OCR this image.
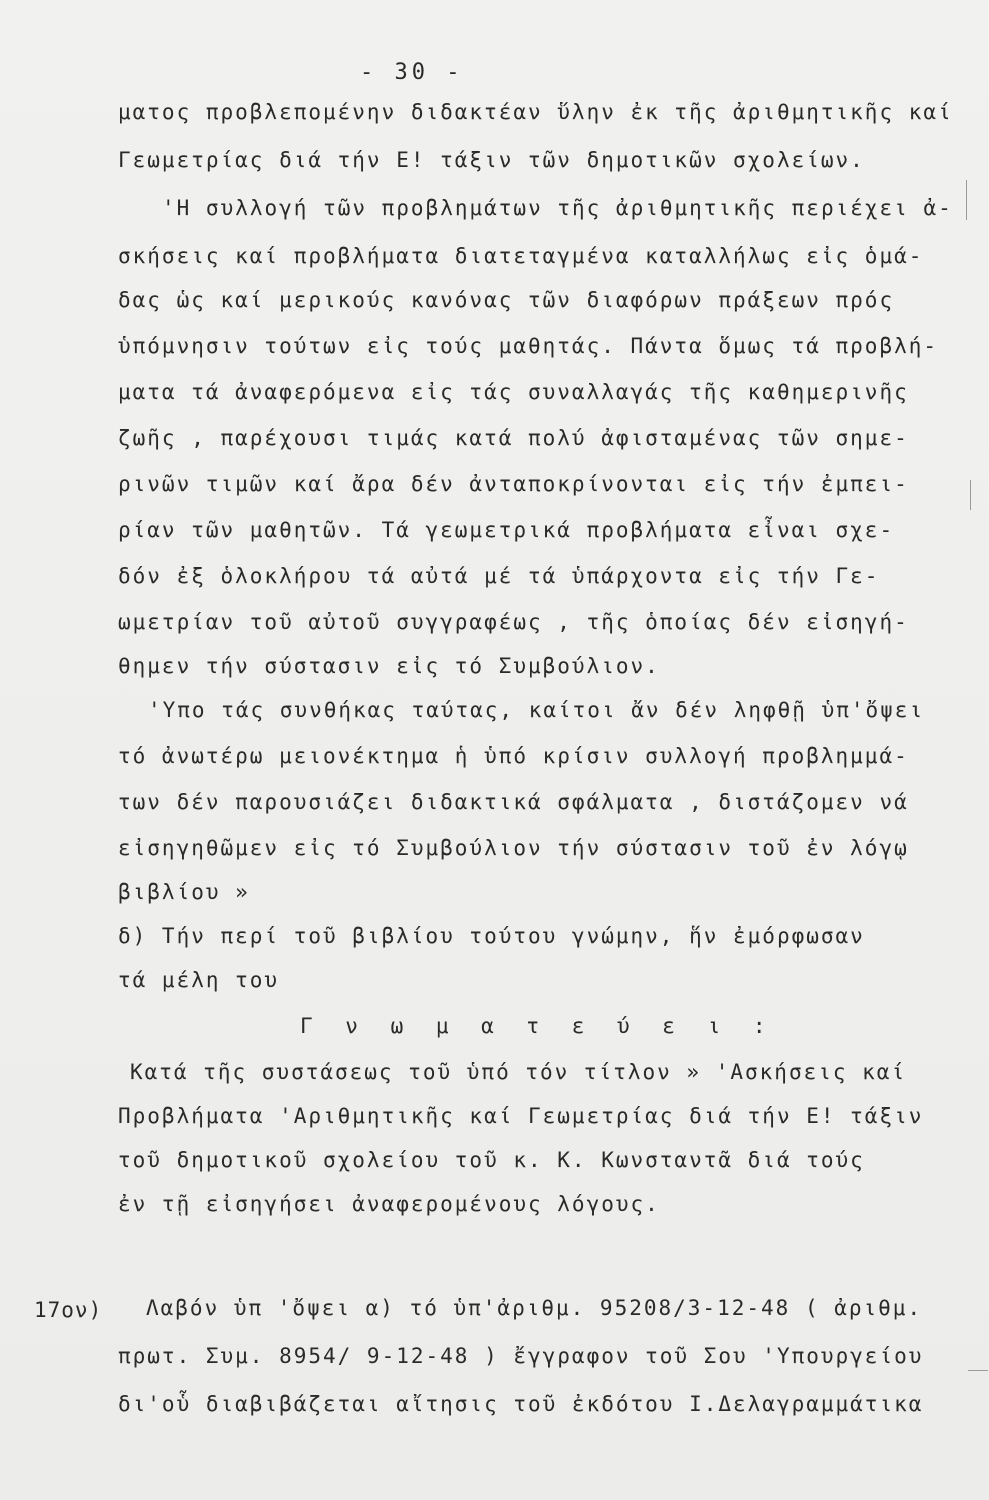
- 30 -
ματος προβλεπομένην διδακτέαν ὕλην ἐκ τῆς ἀριθμητικῆς καί
Γεωμετρίας διά τήν Ε! τάξιν τῶν δημοτικῶν σχολείων.
'Η συλλογή τῶν προβλημάτων τῆς ἀριθμητικῆς περιέχει ἀ-
σκήσεις καί προβλήματα διατεταγμένα καταλλήλως εἰς ὁμά-
δας ὡς καί μερικούς κανόνας τῶν διαφόρων πράξεων πρός
ὑπόμνησιν τούτων εἰς τούς μαθητάς. Πάντα ὅμως τά προβλή-
ματα τά ἀναφερόμενα εἰς τάς συναλλαγάς τῆς καθημερινῆς
ζωῆς , παρέχουσι τιμάς κατά πολύ ἀφισταμένας τῶν σημε-
ρινῶν τιμῶν καί ἄρα δέν ἀνταποκρίνονται εἰς τήν ἐμπει-
ρίαν τῶν μαθητῶν. Τά γεωμετρικά προβλήματα εἶναι σχε-
δόν ἐξ ὁλοκλήρου τά αὐτά μέ τά ὑπάρχοντα εἰς τήν Γε-
ωμετρίαν τοῦ αὐτοῦ συγγραφέως , τῆς ὁποίας δέν εἰσηγή-
θημεν τήν σύστασιν εἰς τό Συμβούλιον.
'Υπο τάς συνθήκας ταύτας, καίτοι ἄν δέν ληφθῇ ὑπ'ὄψει
τό ἀνωτέρω μειονέκτημα ἡ ὑπό κρίσιν συλλογή προβλημμά-
των δέν παρουσιάζει διδακτικά σφάλματα , διστάζομεν νά
εἰσηγηθῶμεν εἰς τό Συμβούλιον τήν σύστασιν τοῦ ἐν λόγῳ
βιβλίου »
δ) Τήν περί τοῦ βιβλίου τούτου γνώμην, ἥν ἐμόρφωσαν
τά μέλη του
Γ ν ω μ α τ ε ύ ε ι :
Κατά τῆς συστάσεως τοῦ ὑπό τόν τίτλον » 'Ασκήσεις καί
Προβλήματα 'Αριθμητικῆς καί Γεωμετρίας διά τήν Ε! τάξιν
τοῦ δημοτικοῦ σχολείου τοῦ κ. Κ. Κωνσταντᾶ διά τούς
ἐν τῇ εἰσηγήσει ἀναφερομένους λόγους.
17ον) Λαβόν ὑπ 'ὄψει α) τό ὑπ'ἀριθμ. 95208/3-12-48 ( ἀριθμ.
πρωτ. Συμ. 8954/ 9-12-48 ) ἔγγραφον τοῦ Σου 'Υπουργείου
δι'οὗ διαβιβάζεται αἴτησις τοῦ ἐκδότου Ι.Δελαγραμμάτικα
